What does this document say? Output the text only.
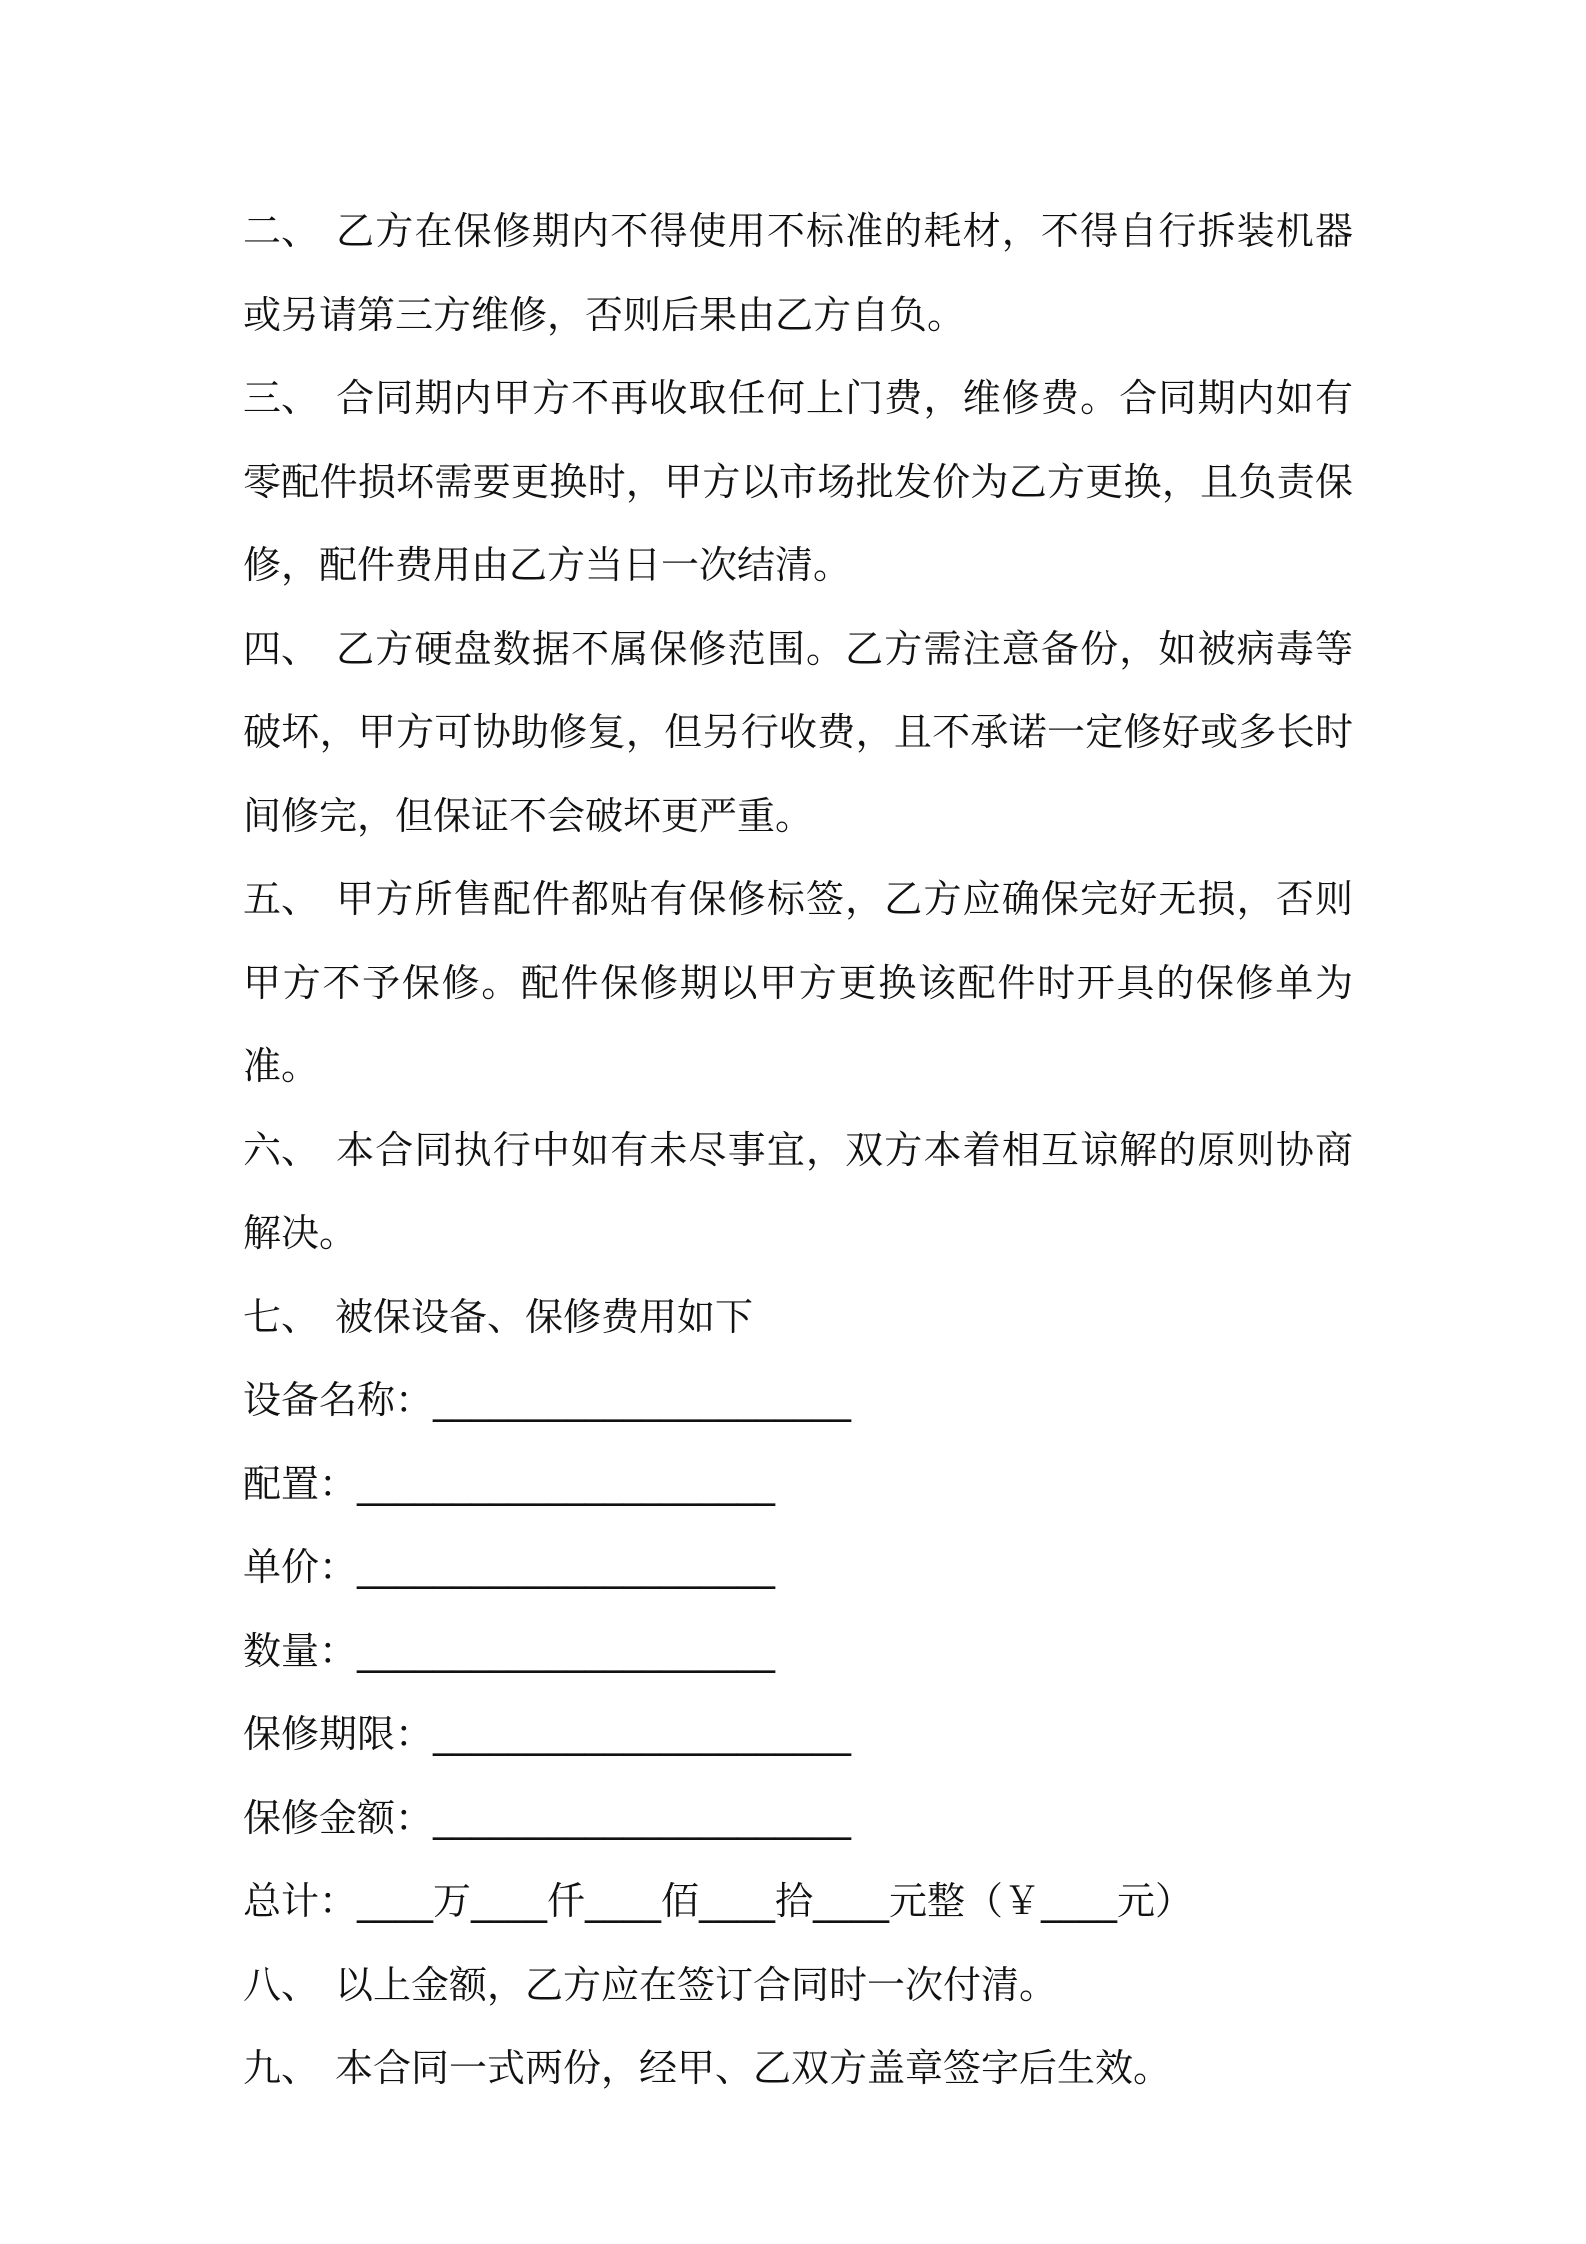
二、 乙方在保修期内不得使用不标准的耗材，不得自行拆装机器或另请第三方维修，否则后果由乙方自负。

三、 合同期内甲方不再收取任何上门费，维修费。合同期内如有零配件损坏需要更换时，甲方以市场批发价为乙方更换，且负责保修，配件费用由乙方当日一次结清。

四、 乙方硬盘数据不属保修范围。乙方需注意备份，如被病毒等破坏，甲方可协助修复，但另行收费，且不承诺一定修好或多长时间修完，但保证不会破坏更严重。

五、 甲方所售配件都贴有保修标签，乙方应确保完好无损，否则甲方不予保修。配件保修期以甲方更换该配件时开具的保修单为准。

六、 本合同执行中如有未尽事宜，双方本着相互谅解的原则协商解决。

七、 被保设备、保修费用如下

设备名称：______________________

配置：______________________

单价：______________________

数量：______________________

保修期限：______________________

保修金额：______________________

总计：____万____仟____佰____拾____元整（￥____元）

八、 以上金额，乙方应在签订合同时一次付清。

九、 本合同一式两份，经甲、乙双方盖章签字后生效。
